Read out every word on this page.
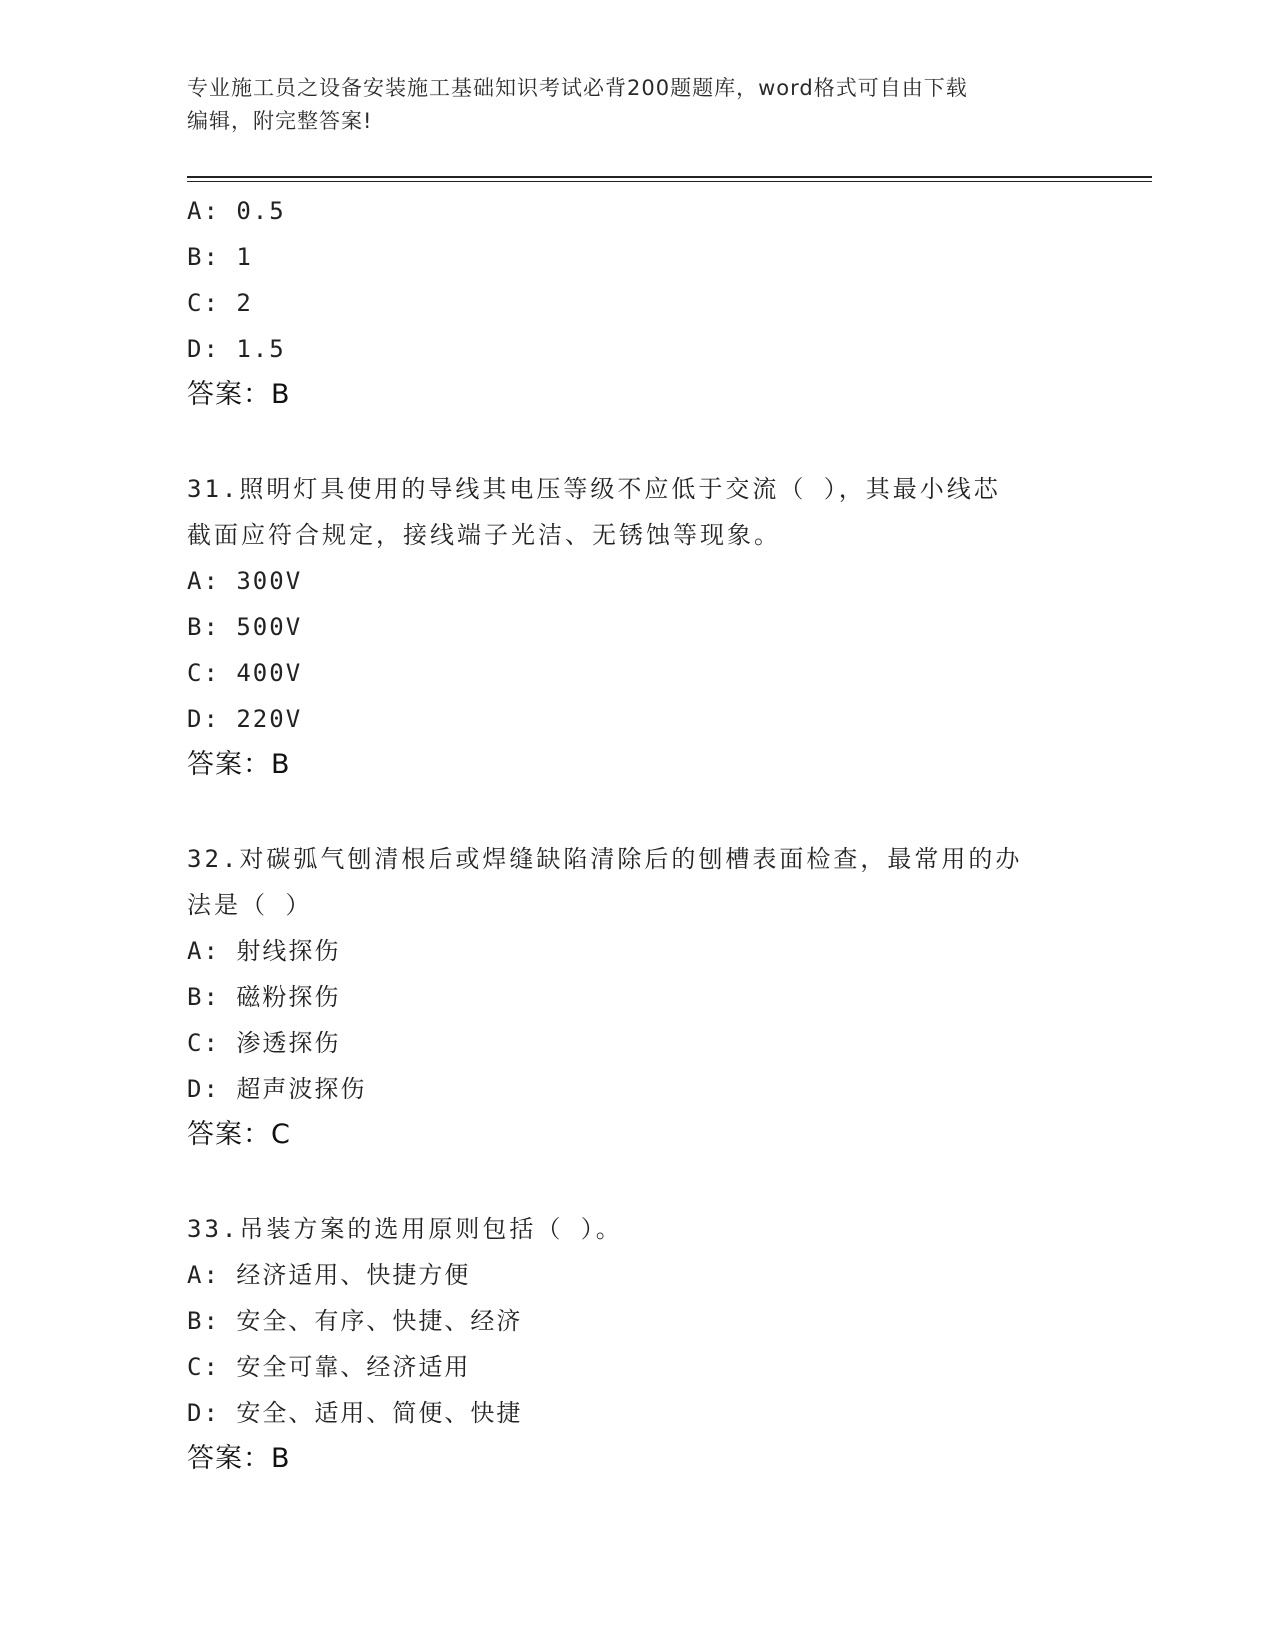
专业施工员之设备安装施工基础知识考试必背200题题库，word格式可自由下载
编辑，附完整答案!
A: 0.5
B: 1
C: 2
D: 1.5
答案：B
31.照明灯具使用的导线其电压等级不应低于交流（ ），其最小线芯
截面应符合规定，接线端子光洁、无锈蚀等现象。
A: 300V
B: 500V
C: 400V
D: 220V
答案：B
32.对碳弧气刨清根后或焊缝缺陷清除后的刨槽表面检查，最常用的办
法是（ ）
A: 射线探伤
B: 磁粉探伤
C: 渗透探伤
D: 超声波探伤
答案：C
33.吊装方案的选用原则包括（ ）。
A: 经济适用、快捷方便
B: 安全、有序、快捷、经济
C: 安全可靠、经济适用
D: 安全、适用、简便、快捷
答案：B
